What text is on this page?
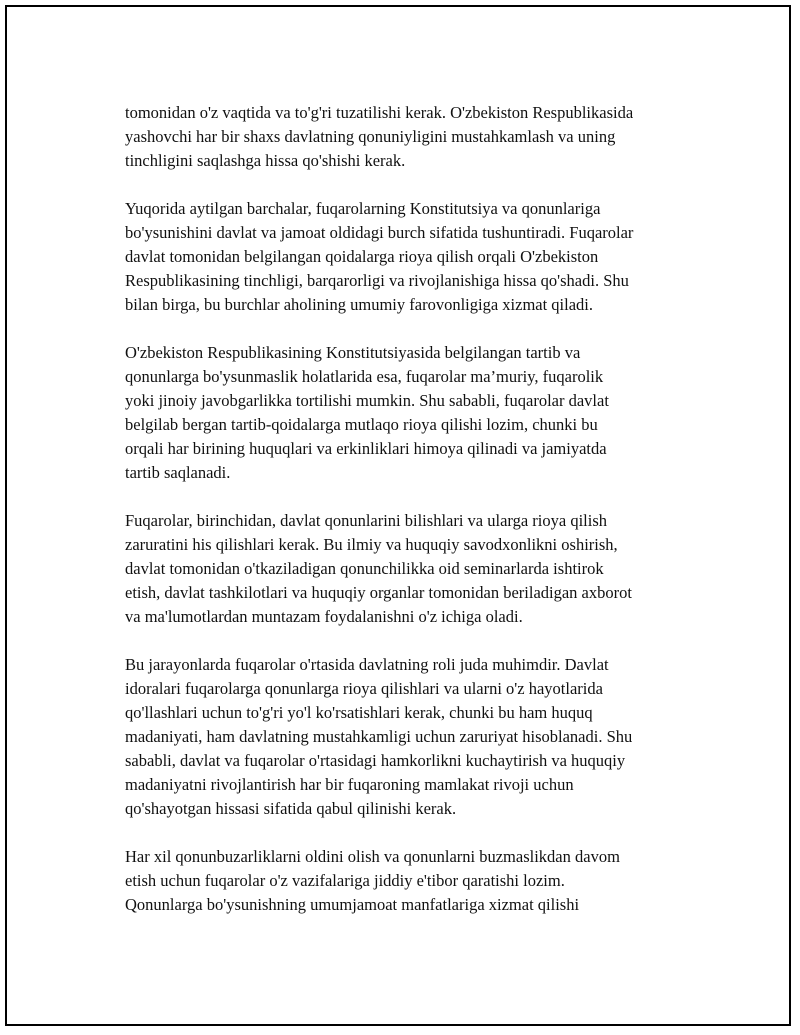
tomonidan o'z vaqtida va to'g'ri tuzatilishi kerak. O'zbekiston Respublikasida
yashovchi har bir shaxs davlatning qonuniyligini mustahkamlash va uning
tinchligini saqlashga hissa qo'shishi kerak.

Yuqorida aytilgan barchalar, fuqarolarning Konstitutsiya va qonunlariga
bo'ysunishini davlat va jamoat oldidagi burch sifatida tushuntiradi. Fuqarolar
davlat tomonidan belgilangan qoidalarga rioya qilish orqali O'zbekiston
Respublikasining tinchligi, barqarorligi va rivojlanishiga hissa qo'shadi. Shu
bilan birga, bu burchlar aholining umumiy farovonligiga xizmat qiladi.

O'zbekiston Respublikasining Konstitutsiyasida belgilangan tartib va
qonunlarga bo'ysunmaslik holatlarida esa, fuqarolar ma’muriy, fuqarolik
yoki jinoiy javobgarlikka tortilishi mumkin. Shu sababli, fuqarolar davlat
belgilab bergan tartib-qoidalarga mutlaqo rioya qilishi lozim, chunki bu
orqali har birining huquqlari va erkinliklari himoya qilinadi va jamiyatda
tartib saqlanadi.

Fuqarolar, birinchidan, davlat qonunlarini bilishlari va ularga rioya qilish
zaruratini his qilishlari kerak. Bu ilmiy va huquqiy savodxonlikni oshirish,
davlat tomonidan o'tkaziladigan qonunchilikka oid seminarlarda ishtirok
etish, davlat tashkilotlari va huquqiy organlar tomonidan beriladigan axborot
va ma'lumotlardan muntazam foydalanishni o'z ichiga oladi.

Bu jarayonlarda fuqarolar o'rtasida davlatning roli juda muhimdir. Davlat
idoralari fuqarolarga qonunlarga rioya qilishlari va ularni o'z hayotlarida
qo'llashlari uchun to'g'ri yo'l ko'rsatishlari kerak, chunki bu ham huquq
madaniyati, ham davlatning mustahkamligi uchun zaruriyat hisoblanadi. Shu
sababli, davlat va fuqarolar o'rtasidagi hamkorlikni kuchaytirish va huquqiy
madaniyatni rivojlantirish har bir fuqaroning mamlakat rivoji uchun
qo'shayotgan hissasi sifatida qabul qilinishi kerak.

Har xil qonunbuzarliklarni oldini olish va qonunlarni buzmaslikdan davom
etish uchun fuqarolar o'z vazifalariga jiddiy e'tibor qaratishi lozim.
Qonunlarga bo'ysunishning umumjamoat manfatlariga xizmat qilishi
